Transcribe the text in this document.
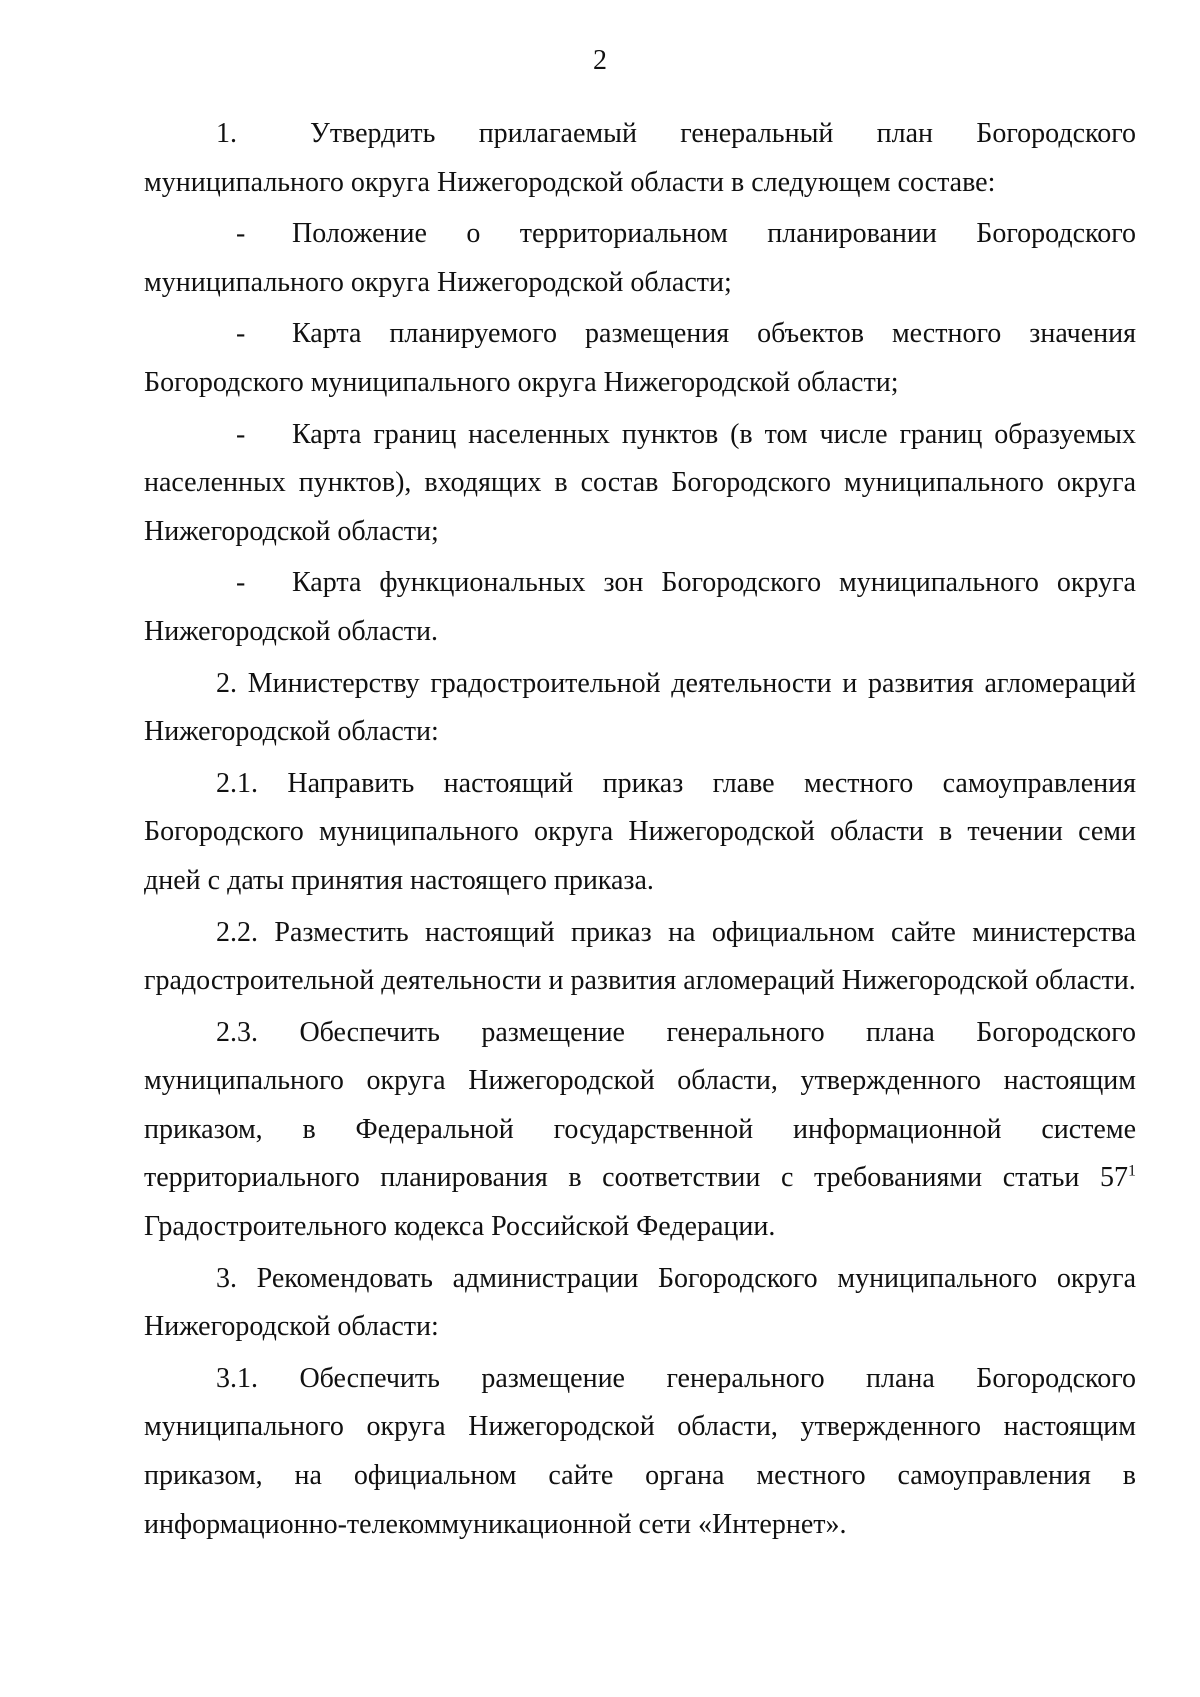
2

1.	Утвердить прилагаемый генеральный план Богородского муниципального округа Нижегородской области в следующем составе:

- Положение о территориальном планировании Богородского муниципального округа Нижегородской области;

- Карта планируемого размещения объектов местного значения Богородского муниципального округа Нижегородской области;

- Карта границ населенных пунктов (в том числе границ образуемых населенных пунктов), входящих в состав Богородского муниципального округа Нижегородской области;

- Карта функциональных зон Богородского муниципального округа Нижегородской области.

2. Министерству градостроительной деятельности и развития агломераций Нижегородской области:

2.1. Направить настоящий приказ главе местного самоуправления Богородского муниципального округа Нижегородской области в течении семи дней с даты принятия настоящего приказа.

2.2. Разместить настоящий приказ на официальном сайте министерства градостроительной деятельности и развития агломераций Нижегородской области.

2.3. Обеспечить размещение генерального плана Богородского муниципального округа Нижегородской области, утвержденного настоящим приказом, в Федеральной государственной информационной системе территориального планирования в соответствии с требованиями статьи $57^1$ Градостроительного кодекса Российской Федерации.

3. Рекомендовать администрации Богородского муниципального округа Нижегородской области:

3.1. Обеспечить размещение генерального плана Богородского муниципального округа Нижегородской области, утвержденного настоящим приказом, на официальном сайте органа местного самоуправления в информационно-телекоммуникационной сети «Интернет».
